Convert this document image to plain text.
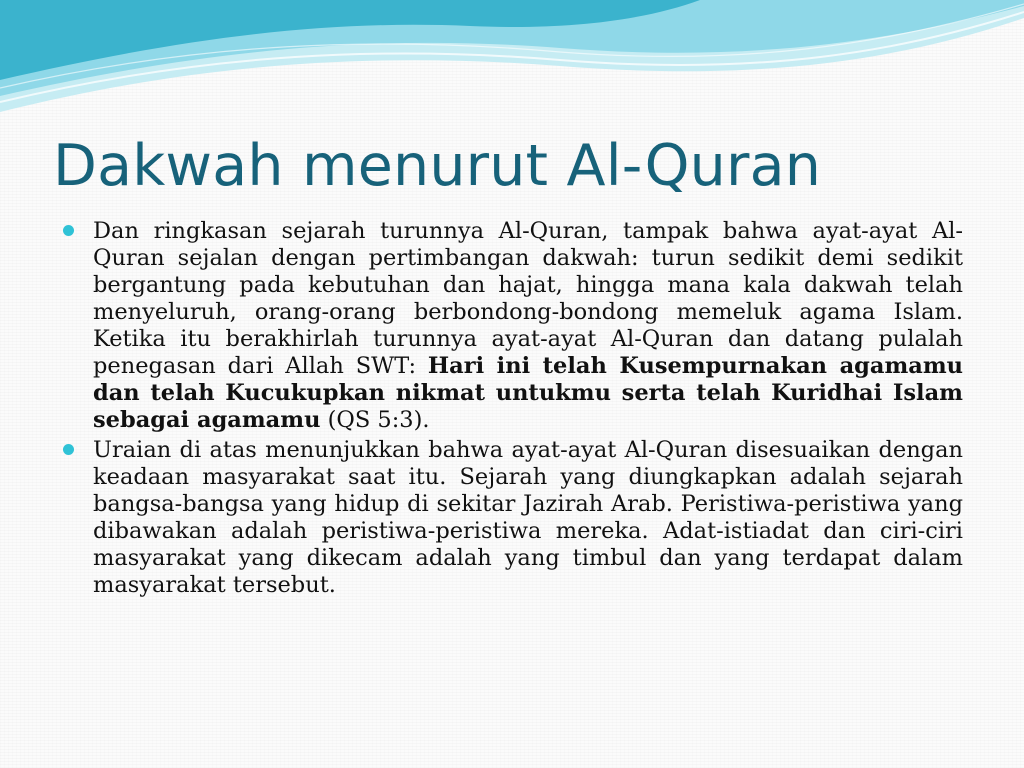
Dakwah menurut Al-Quran
Dan ringkasan sejarah turunnya Al-Quran, tampak bahwa ayat-ayat Al-Quran sejalan dengan pertimbangan dakwah: turun sedikit demi sedikit bergantung pada kebutuhan dan hajat, hingga mana kala dakwah telah menyeluruh, orang-orang berbondong-bondong memeluk agama Islam. Ketika itu berakhirlah turunnya ayat-ayat Al-Quran dan datang pulalah penegasan dari Allah SWT: Hari ini telah Kusempurnakan agamamu dan telah Kucukupkan nikmat untukmu serta telah Kuridhai Islam sebagai agamamu (QS 5:3).
Uraian di atas menunjukkan bahwa ayat-ayat Al-Quran disesuaikan dengan keadaan masyarakat saat itu. Sejarah yang diungkapkan adalah sejarah bangsa-bangsa yang hidup di sekitar Jazirah Arab. Peristiwa-peristiwa yang dibawakan adalah peristiwa-peristiwa mereka. Adat-istiadat dan ciri-ciri masyarakat yang dikecam adalah yang timbul dan yang terdapat dalam masyarakat tersebut.
